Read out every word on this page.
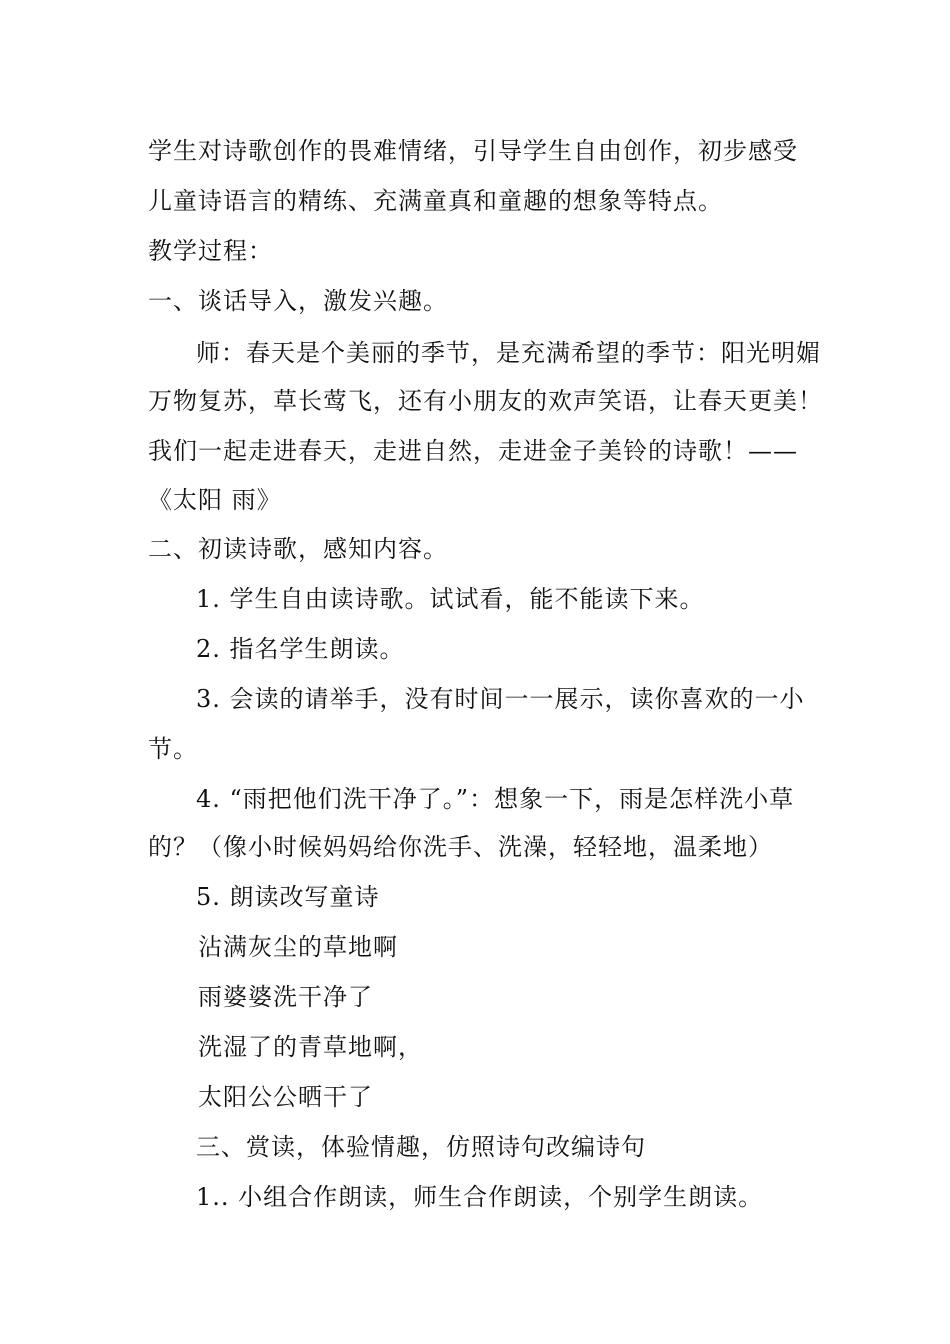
学生对诗歌创作的畏难情绪，引导学生自由创作，初步感受
儿童诗语言的精练、充满童真和童趣的想象等特点。
教学过程：
一、谈话导入，激发兴趣。
师：春天是个美丽的季节，是充满希望的季节：阳光明媚
万物复苏，草长莺飞，还有小朋友的欢声笑语，让春天更美！
我们一起走进春天，走进自然，走进金子美铃的诗歌！——
《太阳 雨》
二、初读诗歌，感知内容。
1. 学生自由读诗歌。试试看，能不能读下来。
2. 指名学生朗读。
3. 会读的请举手，没有时间一一展示，读你喜欢的一小
节。
4. “雨把他们洗干净了。”：想象一下，雨是怎样洗小草
的？（像小时候妈妈给你洗手、洗澡，轻轻地，温柔地）
5. 朗读改写童诗
沾满灰尘的草地啊
雨婆婆洗干净了
洗湿了的青草地啊，
太阳公公晒干了
三、赏读，体验情趣，仿照诗句改编诗句
1.. 小组合作朗读，师生合作朗读，个别学生朗读。
